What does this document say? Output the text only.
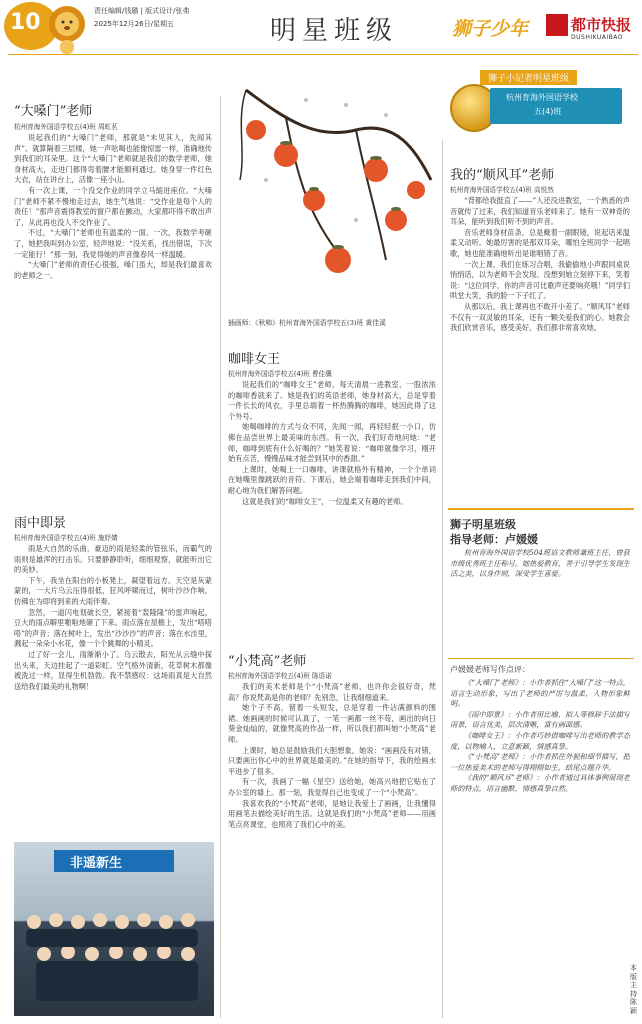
10	责任编辑/钱璐 | 版式设计/张弗
2025年12月26日/星期五	明星班级	狮子少年	都市快报
DUSHIKUAIBAO
狮子小记者明星班级
杭州育海外国语学校
五(4)班
“大嗓门”老师
杭州育海外国语学校五(4)班 周虹茗

说起我们的“大嗓门”老师，那就是“未见其人，先闻其声”。就算隔着三层楼，她一声吆喝也能像惊雷一样，准确地传到我们的耳朵里。这个“大嗓门”老师就是我们的数学老师，她身材高大，走进门都得弯着腰才能顺利通过。她身穿一件红色大衣，站在讲台上，活像一座小山。

有一次上课，一个没交作业的同学立马缩进座位。“大嗓门”老师不紧不慢地走过去，她生气地说：“交作业是每个人的责任！”那声音震得教室的窗户都在颤动，大家都吓得不敢出声了，从此再也没人不交作业了。

不过，“大嗓门”老师也有温柔的一面。一次，我数学考砸了，她把我叫到办公室，轻声地说：“没关系，找出错误，下次一定能行！”那一刻，我觉得她的声音像春风一样温暖。

“大嗓门”老师的责任心很强，嗓门虽大，却是我们最喜欢的老师之一。

雨中即景
杭州育海外国语学校五(4)班 施妤婧

雨是大自然的乐曲，豪迈的雨是轻柔的管弦乐，而霸气的雨则是雄浑的打击乐。只要静静聆听，细细观察，就能听出它的美妙。

下午，我坐在阳台的小板凳上，凝望着远方。天空是灰蒙蒙的，一大片乌云压得很低，狂风呼啸而过，树叶沙沙作响，仿佛在为即将到来的大雨伴奏。

忽然，一道闪电划破长空，紧接着“轰隆隆”的雷声响起，豆大的雨点噼里啪啦地砸了下来。雨点落在屋檐上，发出“嗒嗒嗒”的声音；落在树叶上，发出“沙沙沙”的声音；落在水洼里，溅起一朵朵小水花，像一个个跳舞的小精灵。

过了好一会儿，雨渐渐小了。乌云散去，阳光从云缝中探出头来，天边挂起了一道彩虹。空气格外清新，花草树木都像被洗过一样，显得生机勃勃。我不禁感叹：这场雨真是大自然送给我们最美的礼物啊！

非遥新生
插画师：《秋柿》杭州育海外国语学校五(3)班 黄佳溪
咖啡女王
杭州育海外国语学校五(4)班 曹佳骥

说起我们的“咖啡女王”老师，每天清晨一进教室，一股浓浓的咖啡香就来了。她是我们的英语老师，她身材高大，总是穿着一件长长的风衣，手里总端着一杯热腾腾的咖啡，她因此得了这个外号。

她喝咖啡的方式与众不同，先闻一闻，再轻轻抿一小口，仿佛在品尝世界上最美味的东西。有一次，我们好奇地问她：“老师，咖啡到底有什么好喝的？”她笑着说：“咖啡就像学习，刚开始有点苦，慢慢品味才能尝到其中的香甜。”

上课时，她喝上一口咖啡，讲课就格外有精神，一个个单词在她嘴里像跳跃的音符。下课后，她会端着咖啡走到我们中间，耐心地为我们解答问题。

这就是我们的“咖啡女王”，一位温柔又有趣的老师。

“小梵高”老师
杭州育海外国语学校五(4)班 陈语诺

我们的美术老师是个“小梵高”老师，也许你会很好奇，梵高？你说梵高是你的老师？先别急，让我细细道来。

她个子不高，留着一头短发，总是穿着一件沾满颜料的围裙。她画画的时候可认真了，一笔一画都一丝不苟，画出的向日葵金灿灿的，就像梵高的作品一样，所以我们都叫她“小梵高”老师。

上课时，她总是鼓励我们大胆想象，她说：“画画没有对错，只要画出你心中的世界就是最美的。”在她的指导下，我的绘画水平进步了很多。

有一次，我画了一幅《星空》送给她，她高兴地把它贴在了办公室的墙上。那一刻，我觉得自己也变成了一个“小梵高”。

我喜欢我的“小梵高”老师，是她让我爱上了画画，让我懂得用画笔去描绘美好的生活。这就是我们的“小梵高”老师——用画笔点亮课堂，也照亮了我们心中的美。

我的“顺风耳”老师
杭州育海外国语学校五(4)班 高悦然

“背都给我挺直了——”人还没进教室，一个熟悉的声音就传了过来，我们知道音乐老师来了。她有一双神奇的耳朵，能听到我们听不到的声音。

音乐老师身材苗条，总是戴着一副眼镜，说起话来温柔又动听。她最厉害的是那双耳朵，哪怕全班同学一起唱歌，她也能准确地听出是谁唱错了音。

一次上课，我们在练习合唱，我偷偷地小声跟同桌说悄悄话，以为老师不会发现。没想到她立刻停下来，笑着说：“这位同学，你的声音可比歌声还要响亮哦！”同学们哄堂大笑，我的脸一下子红了。

从那以后，我上课再也不敢开小差了。“顺风耳”老师不仅有一双灵敏的耳朵，还有一颗关爱我们的心。她教会我们欣赏音乐，感受美好，我们都非常喜欢她。

狮子明星班级
指导老师：卢媛媛
杭州育海外国语学校504班语文教师兼班主任，曾获市级优秀班主任称号。她热爱教育，善于引导学生发现生活之美，以身作则，深受学生喜爱。
卢媛媛老师写作点评：

《“大嗓门”老师》：小作者抓住“大嗓门”这一特点，语言生动形象，写出了老师的严厉与温柔，人物形象鲜明。

《雨中即景》：小作者用比喻、拟人等修辞手法描写雨景，语言优美，层次清晰，富有画面感。

《咖啡女王》：小作者巧妙借咖啡写出老师的教学态度，以物喻人，立意新颖，情感真挚。

《“小梵高”老师》：小作者抓住外貌和细节描写，把一位热爱美术的老师写得栩栩如生，结尾点题升华。

《我的“顺风耳”老师》：小作者通过具体事例展现老师的特点，语言幽默，情感真挚自然。

本版主持 陈颖
